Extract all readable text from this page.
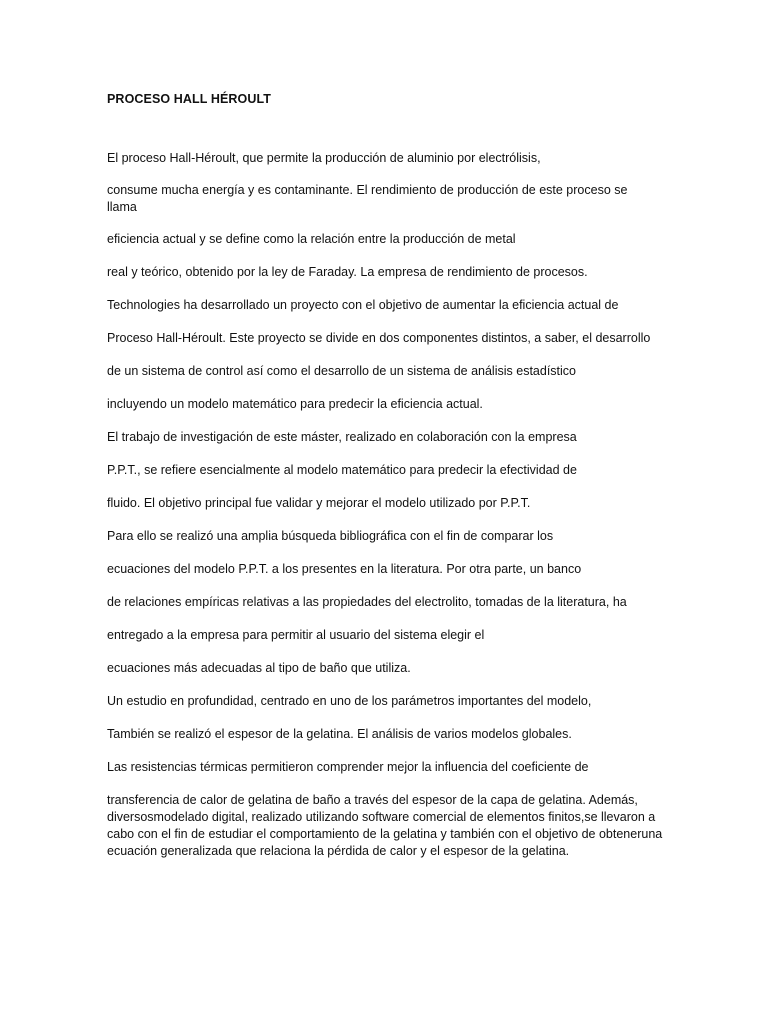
PROCESO HALL HÉROULT

El proceso Hall-Héroult, que permite la producción de aluminio por electrólisis,

consume mucha energía y es contaminante. El rendimiento de producción de este proceso se llama

eficiencia actual y se define como la relación entre la producción de metal

real y teórico, obtenido por la ley de Faraday. La empresa de rendimiento de procesos.

Technologies ha desarrollado un proyecto con el objetivo de aumentar la eficiencia actual de

Proceso Hall-Héroult. Este proyecto se divide en dos componentes distintos, a saber, el desarrollo

de un sistema de control así como el desarrollo de un sistema de análisis estadístico

incluyendo un modelo matemático para predecir la eficiencia actual.

El trabajo de investigación de este máster, realizado en colaboración con la empresa

P.P.T., se refiere esencialmente al modelo matemático para predecir la efectividad de

fluido. El objetivo principal fue validar y mejorar el modelo utilizado por P.P.T.

Para ello se realizó una amplia búsqueda bibliográfica con el fin de comparar los

ecuaciones del modelo P.P.T. a los presentes en la literatura. Por otra parte, un banco

de relaciones empíricas relativas a las propiedades del electrolito, tomadas de la literatura, ha

entregado a la empresa para permitir al usuario del sistema elegir el

ecuaciones más adecuadas al tipo de baño que utiliza.

Un estudio en profundidad, centrado en uno de los parámetros importantes del modelo,

También se realizó el espesor de la gelatina. El análisis de varios modelos globales.

Las resistencias térmicas permitieron comprender mejor la influencia del coeficiente de

transferencia de calor de gelatina de baño a través del espesor de la capa de gelatina. Además, diversosmodelado digital, realizado utilizando software comercial de elementos finitos,se llevaron a cabo con el fin de estudiar el comportamiento de la gelatina y también con el objetivo de obteneruna ecuación generalizada que relaciona la pérdida de calor y el espesor de la gelatina.
